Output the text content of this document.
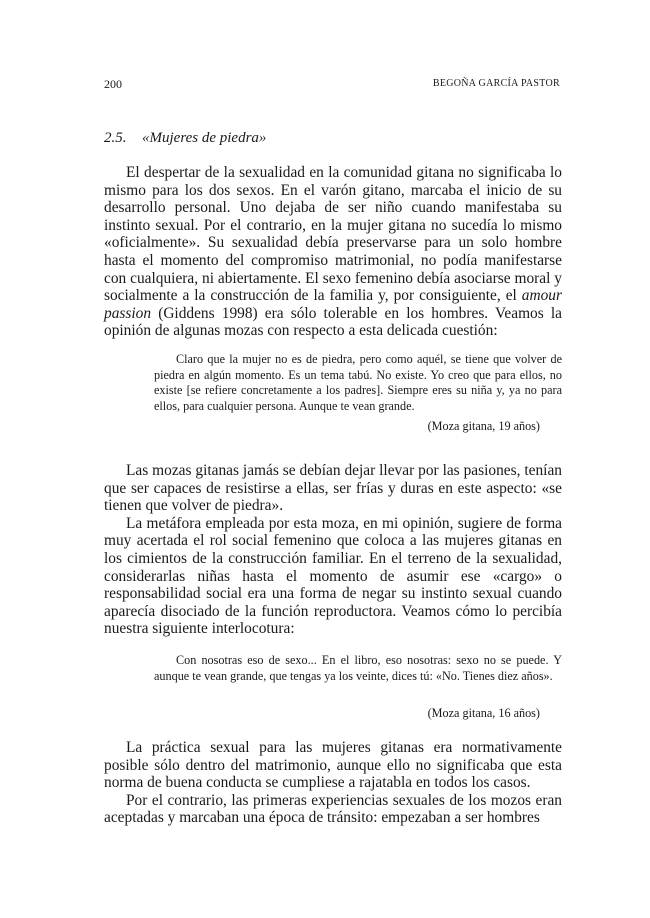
200	BEGOÑA GARCÍA PASTOR
2.5. «Mujeres de piedra»

El despertar de la sexualidad en la comunidad gitana no significaba lo mismo para los dos sexos. En el varón gitano, marcaba el inicio de su desarrollo personal. Uno dejaba de ser niño cuando manifestaba su instinto sexual. Por el contrario, en la mujer gitana no sucedía lo mismo «oficialmente». Su sexualidad debía preservarse para un solo hombre hasta el momento del compromiso matrimonial, no podía manifestarse con cualquiera, ni abiertamente. El sexo femenino debía asociarse moral y socialmente a la construcción de la familia y, por consiguiente, el amour passion (Giddens 1998) era sólo tolerable en los hombres. Veamos la opinión de algunas mozas con respecto a esta delicada cuestión:

Claro que la mujer no es de piedra, pero como aquél, se tiene que volver de piedra en algún momento. Es un tema tabú. No existe. Yo creo que para ellos, no existe [se refiere concretamente a los padres]. Siempre eres su niña y, ya no para ellos, para cualquier persona. Aunque te vean grande.

(Moza gitana, 19 años)

Las mozas gitanas jamás se debían dejar llevar por las pasiones, tenían que ser capaces de resistirse a ellas, ser frías y duras en este aspecto: «se tienen que volver de piedra».

La metáfora empleada por esta moza, en mi opinión, sugiere de forma muy acertada el rol social femenino que coloca a las mujeres gitanas en los cimientos de la construcción familiar. En el terreno de la sexualidad, considerarlas niñas hasta el momento de asumir ese «cargo» o responsabilidad social era una forma de negar su instinto sexual cuando aparecía disociado de la función reproductora. Veamos cómo lo percibía nuestra siguiente interlocotura:

Con nosotras eso de sexo... En el libro, eso nosotras: sexo no se puede. Y aunque te vean grande, que tengas ya los veinte, dices tú: «No. Tienes diez años».

(Moza gitana, 16 años)

La práctica sexual para las mujeres gitanas era normativamente posible sólo dentro del matrimonio, aunque ello no significaba que esta norma de buena conducta se cumpliese a rajatabla en todos los casos.

Por el contrario, las primeras experiencias sexuales de los mozos eran aceptadas y marcaban una época de tránsito: empezaban a ser hombres
